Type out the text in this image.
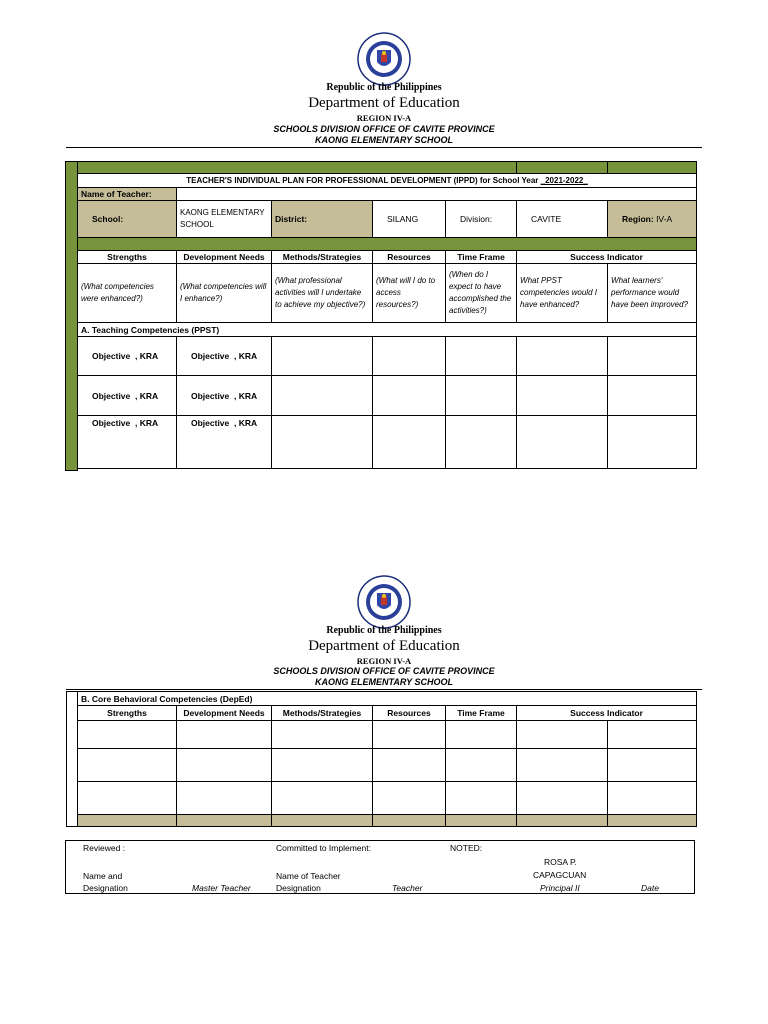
Republic of the Philippines
Department of Education
REGION IV-A
SCHOOLS DIVISION OFFICE OF CAVITE PROVINCE
KAONG ELEMENTARY SCHOOL

TEACHER'S INDIVIDUAL PLAN FOR PROFESSIONAL DEVELOPMENT (IPPD) for School Year _2021-2022_						
Name of Teacher:						
School:	KAONG ELEMENTARY SCHOOL	District:	SILANG	Division:	CAVITE	Region: IV-A

Strengths	Development Needs	Methods/Strategies	Resources	Time Frame	Success Indicator	
(What competencies were enhanced?)	(What competencies will I enhance?)	(What professional activities will I undertake to achieve my objective?)	(What will I do to access resources?)	(When do I expect to have accomplished the activities?)	What PPST competencies would I have enhanced?	What learners' performance would have been improved?
A. Teaching Competencies (PPST)						
Objective , KRA	Objective , KRA					
Objective , KRA	Objective , KRA					
Objective , KRA	Objective , KRA					
Republic of the Philippines
Department of Education
REGION IV-A
SCHOOLS DIVISION OFFICE OF CAVITE PROVINCE
KAONG ELEMENTARY SCHOOL
	B. Core Behavioral Competencies (DepEd)						
	Strengths	Development Needs	Methods/Strategies	Resources	Time Frame	Success Indicator	

Reviewed :	Committed to Implement:	NOTED:
ROSA P.
CAPAGCUAN
Name and	Name of Teacher
Designation	Master Teacher	Designation	Teacher	Principal II	Date
